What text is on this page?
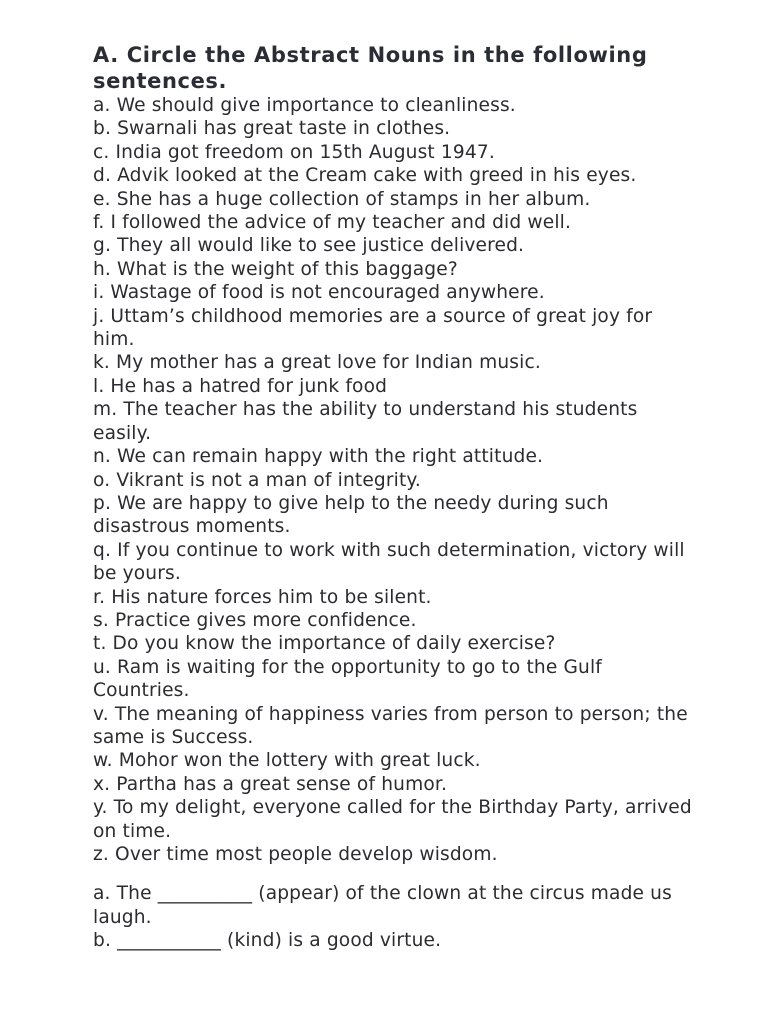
A. Circle the Abstract Nouns in the following sentences.
a. We should give importance to cleanliness.
b. Swarnali has great taste in clothes.
c. India got freedom on 15th August 1947.
d. Advik looked at the Cream cake with greed in his eyes.
e. She has a huge collection of stamps in her album.
f. I followed the advice of my teacher and did well.
g. They all would like to see justice delivered.
h. What is the weight of this baggage?
i. Wastage of food is not encouraged anywhere.
j. Uttam’s childhood memories are a source of great joy for him.
k. My mother has a great love for Indian music.
l. He has a hatred for junk food
m. The teacher has the ability to understand his students easily.
n. We can remain happy with the right attitude.
o. Vikrant is not a man of integrity.
p. We are happy to give help to the needy during such disastrous moments.
q. If you continue to work with such determination, victory will be yours.
r. His nature forces him to be silent.
s. Practice gives more confidence.
t. Do you know the importance of daily exercise?
u. Ram is waiting for the opportunity to go to the Gulf Countries.
v. The meaning of happiness varies from person to person; the same is Success.
w. Mohor won the lottery with great luck.
x. Partha has a great sense of humor.
y. To my delight, everyone called for the Birthday Party, arrived on time.
z. Over time most people develop wisdom.
a. The __________ (appear) of the clown at the circus made us laugh.
b. ___________ (kind) is a good virtue.
